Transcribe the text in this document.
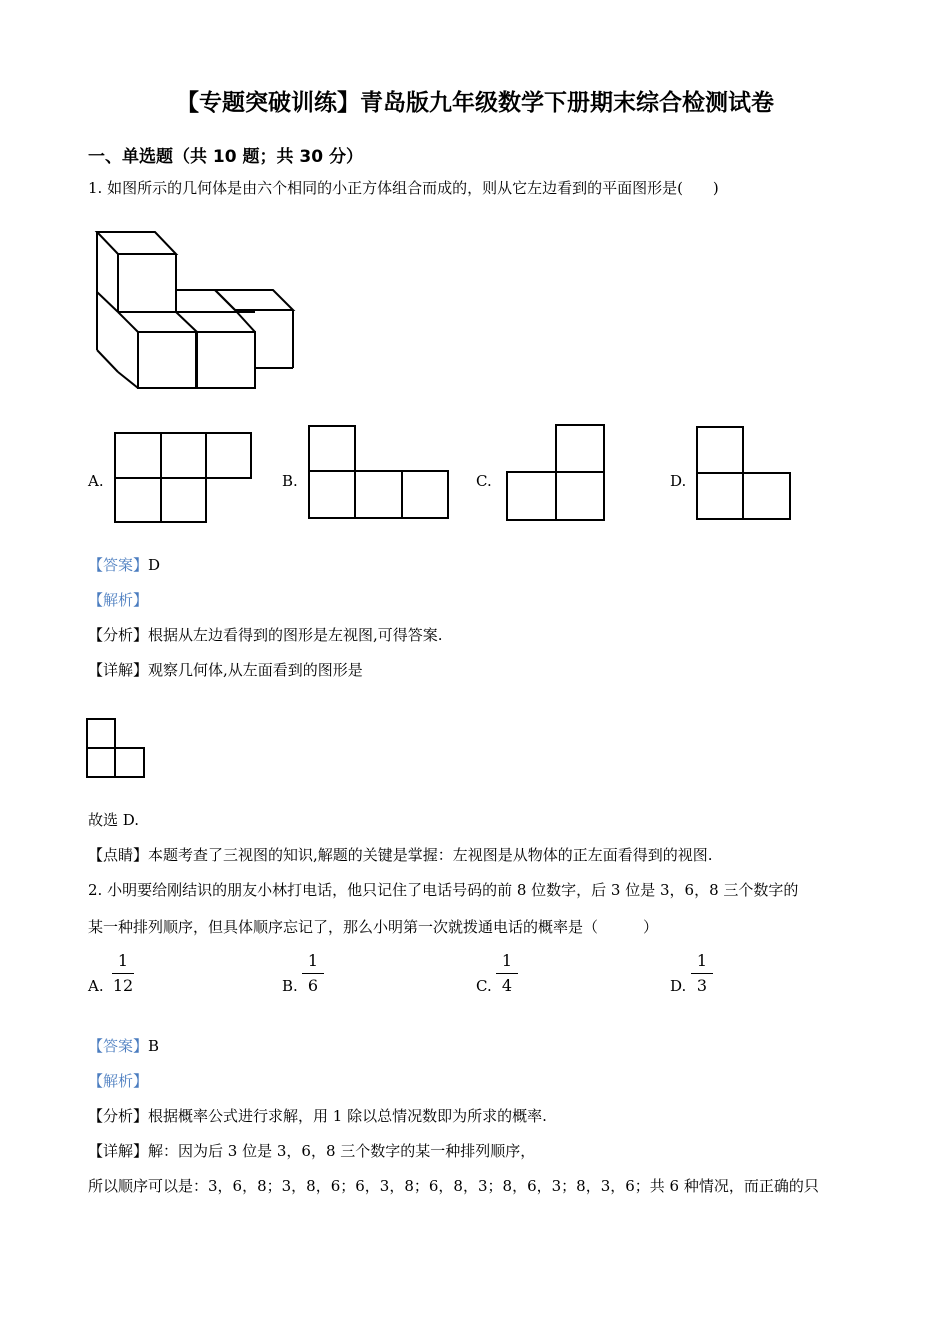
【专题突破训练】青岛版九年级数学下册期末综合检测试卷
一、单选题（共 10 题；共 30 分）
1. 如图所示的几何体是由六个相同的小正方体组合而成的，则从它左边看到的平面图形是(　　)
A.	B.	C.	D.
【答案】D
【解析】
【分析】根据从左边看得到的图形是左视图,可得答案.
【详解】观察几何体,从左面看到的图形是
故选 D.
【点睛】本题考查了三视图的知识,解题的关键是掌握：左视图是从物体的正左面看得到的视图.
2. 小明要给刚结识的朋友小林打电话，他只记住了电话号码的前 8 位数字，后 3 位是 3，6，8 三个数字的
某一种排列顺序，但具体顺序忘记了，那么小明第一次就拨通电话的概率是（　　　）
A.
1
12	B.
1
6	C.
1
4	D.
1
3
【答案】B
【解析】
【分析】根据概率公式进行求解，用 1 除以总情况数即为所求的概率.
【详解】解：因为后 3 位是 3，6，8 三个数字的某一种排列顺序，
所以顺序可以是：3，6，8；3，8，6；6，3，8；6，8，3；8，6，3；8，3，6；共 6 种情况，而正确的只
